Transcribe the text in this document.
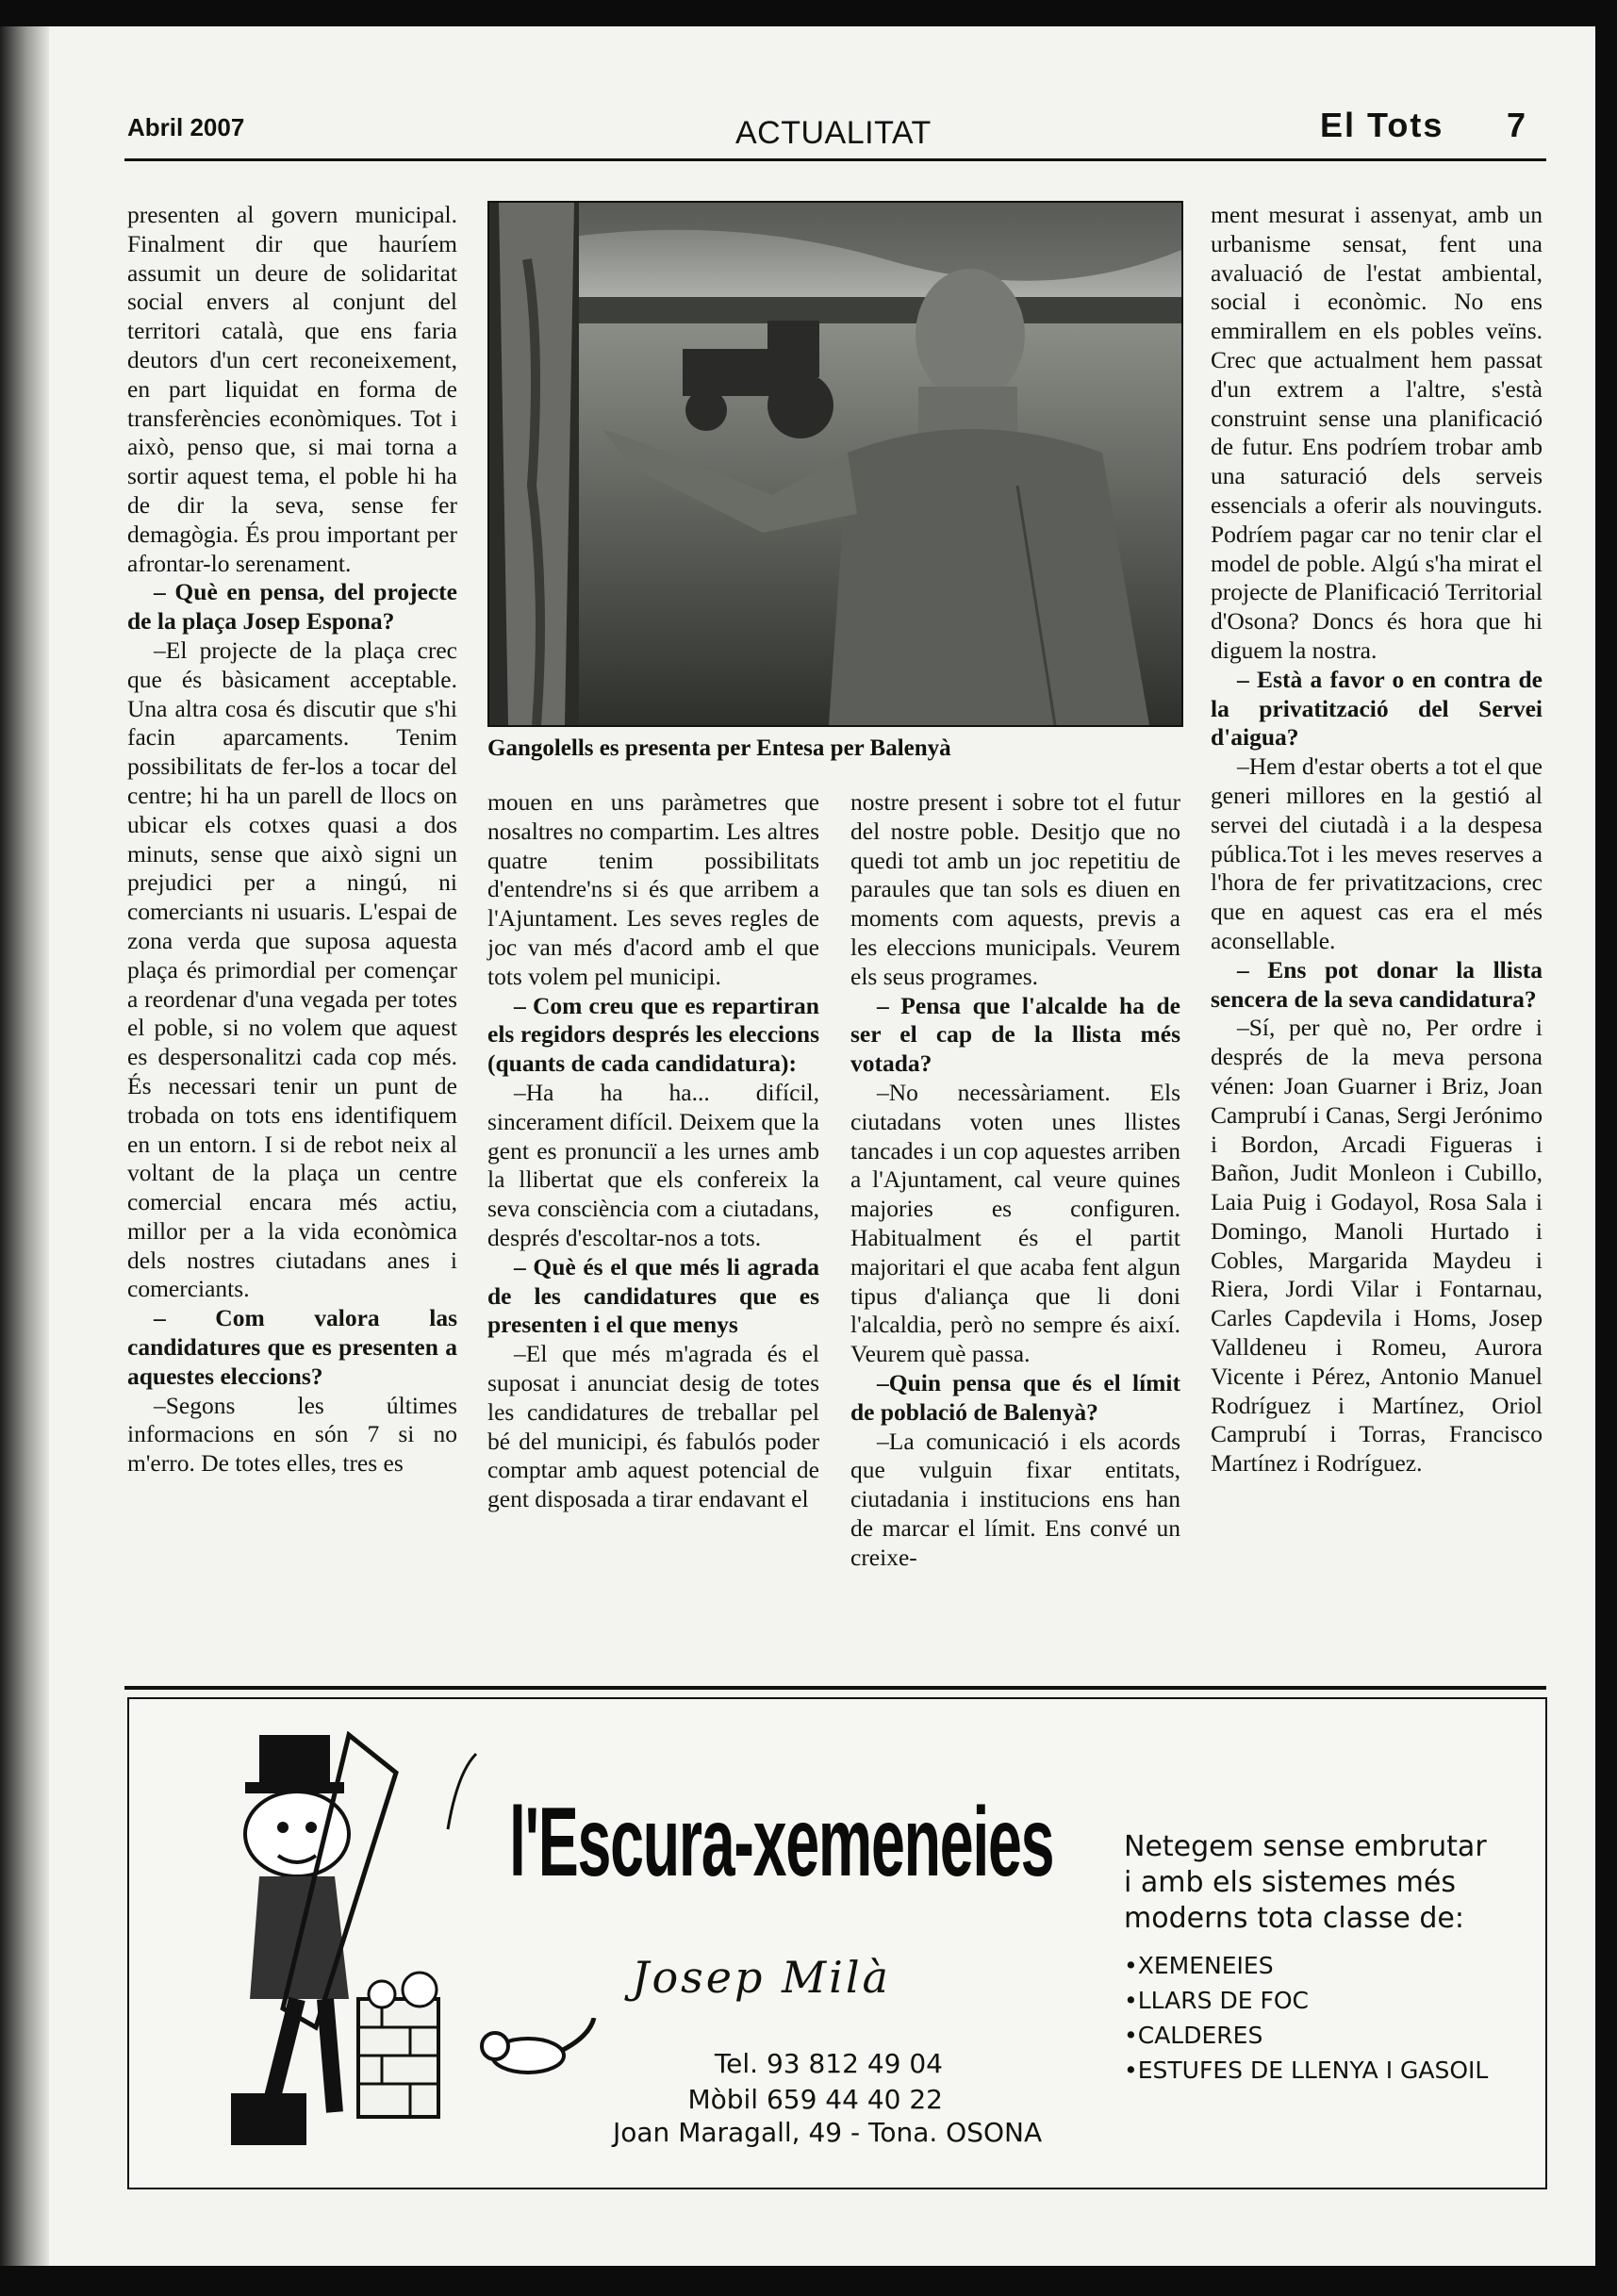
Abril 2007	ACTUALITAT	El Tots 7

presenten al govern municipal. Finalment dir que hauríem assumit un deure de solidaritat social envers al conjunt del territori català, que ens faria deutors d'un cert reconeixement, en part liquidat en forma de transferències econòmiques. Tot i això, penso que, si mai torna a sortir aquest tema, el poble hi ha de dir la seva, sense fer demagògia. És prou important per afrontar-lo serenament.

– Què en pensa, del projecte de la plaça Josep Espona?

–El projecte de la plaça crec que és bàsicament acceptable. Una altra cosa és discutir que s'hi facin aparcaments. Tenim possibilitats de fer-los a tocar del centre; hi ha un parell de llocs on ubicar els cotxes quasi a dos minuts, sense que això signi un prejudici per a ningú, ni comerciants ni usuaris. L'espai de zona verda que suposa aquesta plaça és primordial per començar a reordenar d'una vegada per totes el poble, si no volem que aquest es despersonalitzi cada cop més. És necessari tenir un punt de trobada on tots ens identifiquem en un entorn. I si de rebot neix al voltant de la plaça un centre comercial encara més actiu, millor per a la vida econòmica dels nostres ciutadans anes i comerciants.

– Com valora las candidatures que es presenten a aquestes eleccions?

–Segons les últimes informacions en són 7 si no m'erro. De totes elles, tres es

mouen en uns paràmetres que nosaltres no compartim. Les altres quatre tenim possibilitats d'entendre'ns si és que arribem a l'Ajuntament. Les seves regles de joc van més d'acord amb el que tots volem pel municipi.

– Com creu que es repartiran els regidors després les eleccions (quants de cada candidatura):

–Ha ha ha... difícil, sincerament difícil. Deixem que la gent es pronunciï a les urnes amb la llibertat que els confereix la seva consciència com a ciutadans, després d'escoltar-nos a tots.

– Què és el que més li agrada de les candidatures que es presenten i el que menys

–El que més m'agrada és el suposat i anunciat desig de totes les candidatures de treballar pel bé del municipi, és fabulós poder comptar amb aquest potencial de gent disposada a tirar endavant el

nostre present i sobre tot el futur del nostre poble. Desitjo que no quedi tot amb un joc repetitiu de paraules que tan sols es diuen en moments com aquests, previs a les eleccions municipals. Veurem els seus programes.

– Pensa que l'alcalde ha de ser el cap de la llista més votada?

–No necessàriament. Els ciutadans voten unes llistes tancades i un cop aquestes arriben a l'Ajuntament, cal veure quines majories es configuren. Habitualment és el partit majoritari el que acaba fent algun tipus d'aliança que li doni l'alcaldia, però no sempre és així. Veurem què passa.

–Quin pensa que és el límit de població de Balenyà?

–La comunicació i els acords que vulguin fixar entitats, ciutadania i institucions ens han de marcar el límit. Ens convé un creixe-

ment mesurat i assenyat, amb un urbanisme sensat, fent una avaluació de l'estat ambiental, social i econòmic. No ens emmirallem en els pobles veïns. Crec que actualment hem passat d'un extrem a l'altre, s'està construint sense una planificació de futur. Ens podríem trobar amb una saturació dels serveis essencials a oferir als nouvinguts. Podríem pagar car no tenir clar el model de poble. Algú s'ha mirat el projecte de Planificació Territorial d'Osona? Doncs és hora que hi diguem la nostra.

– Està a favor o en contra de la privatització del Servei d'aigua?

–Hem d'estar oberts a tot el que generi millores en la gestió al servei del ciutadà i a la despesa pública.Tot i les meves reserves a l'hora de fer privatitzacions, crec que en aquest cas era el més aconsellable.

– Ens pot donar la llista sencera de la seva candidatura?

–Sí, per què no, Per ordre i després de la meva persona vénen: Joan Guarner i Briz, Joan Camprubí i Canas, Sergi Jerónimo i Bordon, Arcadi Figueras i Bañon, Judit Monleon i Cubillo, Laia Puig i Godayol, Rosa Sala i Domingo, Manoli Hurtado i Cobles, Margarida Maydeu i Riera, Jordi Vilar i Fontarnau, Carles Capdevila i Homs, Josep Valldeneu i Romeu, Aurora Vicente i Pérez, Antonio Manuel Rodríguez i Martínez, Oriol Camprubí i Torras, Francisco Martínez i Rodríguez.

Gangolells es presenta per Entesa per Balenyà
l'Escura-xemeneies
Josep Milà
Tel. 93 812 49 04
Mòbil 659 44 40 22
Joan Maragall, 49 - Tona. OSONA
Netegem sense embrutar
i amb els sistemes més
moderns tota classe de:
• XEMENEIES
• LLARS DE FOC
• CALDERES
• ESTUFES DE LLENYA I GASOIL
